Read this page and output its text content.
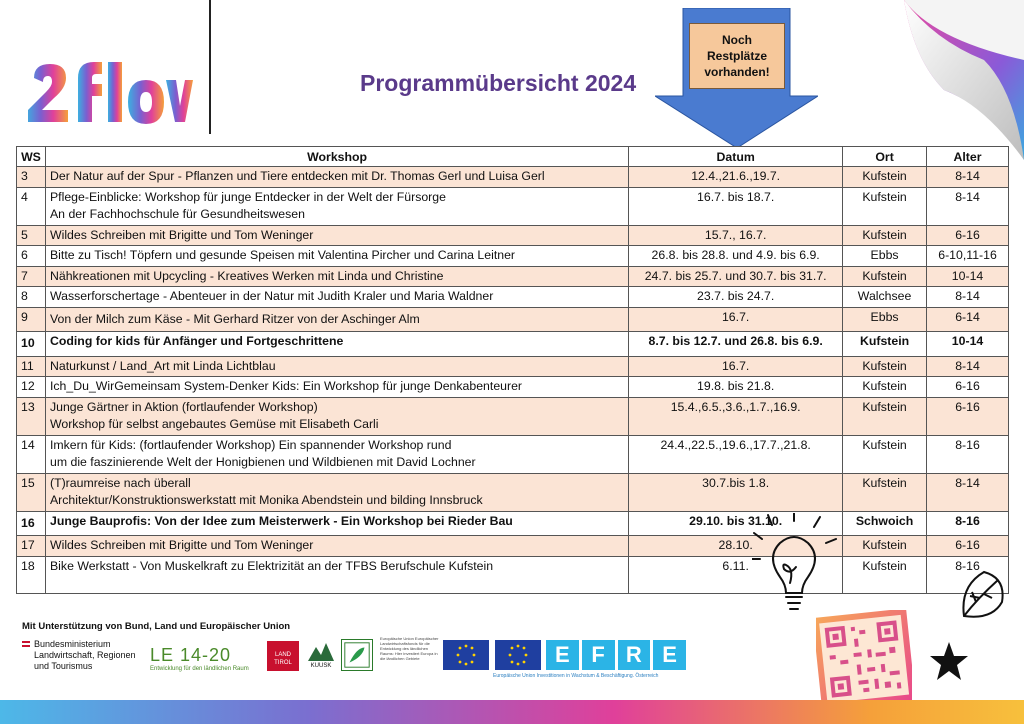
Programmübersicht 2024
Noch
Restplätze
vorhanden!
WS	Workshop	Datum	Ort	Alter
3	Der Natur auf der Spur - Pflanzen und Tiere entdecken mit Dr. Thomas Gerl und Luisa Gerl	12.4.,21.6.,19.7.	Kufstein	8-14
4	Pflege-Einblicke: Workshop für junge Entdecker in der Welt der Fürsorge
An der Fachhochschule für Gesundheitswesen	16.7. bis 18.7.	Kufstein	8-14
5	Wildes Schreiben mit Brigitte und Tom Weninger	15.7., 16.7.	Kufstein	6-16
6	Bitte zu Tisch! Töpfern und gesunde Speisen mit Valentina Pircher und Carina Leitner	26.8. bis 28.8. und 4.9. bis 6.9.	Ebbs	6-10,11-16
7	Nähkreationen mit Upcycling - Kreatives Werken mit Linda und Christine	24.7. bis 25.7. und 30.7. bis 31.7.	Kufstein	10-14
8	Wasserforschertage - Abenteuer in der Natur mit Judith Kraler und Maria Waldner	23.7. bis 24.7.	Walchsee	8-14
9	Von der Milch zum Käse - Mit Gerhard Ritzer von der Aschinger Alm	16.7.	Ebbs	6-14
10	Coding for kids für Anfänger und Fortgeschrittene	8.7. bis 12.7. und 26.8. bis 6.9.	Kufstein	10-14
11	Naturkunst / Land_Art mit Linda Lichtblau	16.7.	Kufstein	8-14
12	Ich_Du_WirGemeinsam System-Denker Kids: Ein Workshop für junge Denkabenteurer	19.8. bis 21.8.	Kufstein	6-16
13	Junge Gärtner in Aktion (fortlaufender Workshop)
Workshop für selbst angebautes Gemüse mit Elisabeth Carli	15.4.,6.5.,3.6.,1.7.,16.9.	Kufstein	6-16
14	Imkern für Kids: (fortlaufender Workshop) Ein spannender Workshop rund
um die faszinierende Welt der Honigbienen und Wildbienen mit David Lochner	24.4.,22.5.,19.6.,17.7.,21.8.	Kufstein	8-16
15	(T)raumreise nach überall
Architektur/Konstruktionswerkstatt mit Monika Abendstein und bilding Innsbruck	30.7.bis 1.8.	Kufstein	8-14
16	Junge Bauprofis: Von der Idee zum Meisterwerk - Ein Workshop bei Rieder Bau	29.10. bis 31.10.	Schwoich	8-16
17	Wildes Schreiben mit Brigitte und Tom Weninger	28.10.	Kufstein	6-16
18	Bike Werkstatt - Von Muskelkraft zu Elektrizität an der TFBS Berufschule Kufstein	6.11.	Kufstein	8-16
Mit Unterstützung von Bund, Land und Europäischer Union
Bundesministerium
Landwirtschaft, Regionen
und Tourismus
LE 14-20
Entwicklung für den ländlichen Raum
LAND TIROL	KUUSK
Europäische Union Europäischer Landwirtschaftsfonds für die Entwicklung des ländlichen Raums: Hier investiert Europa in die ländlichen Gebiete	E F R E
Europäische Union Investitionen in Wachstum & Beschäftigung. Österreich
